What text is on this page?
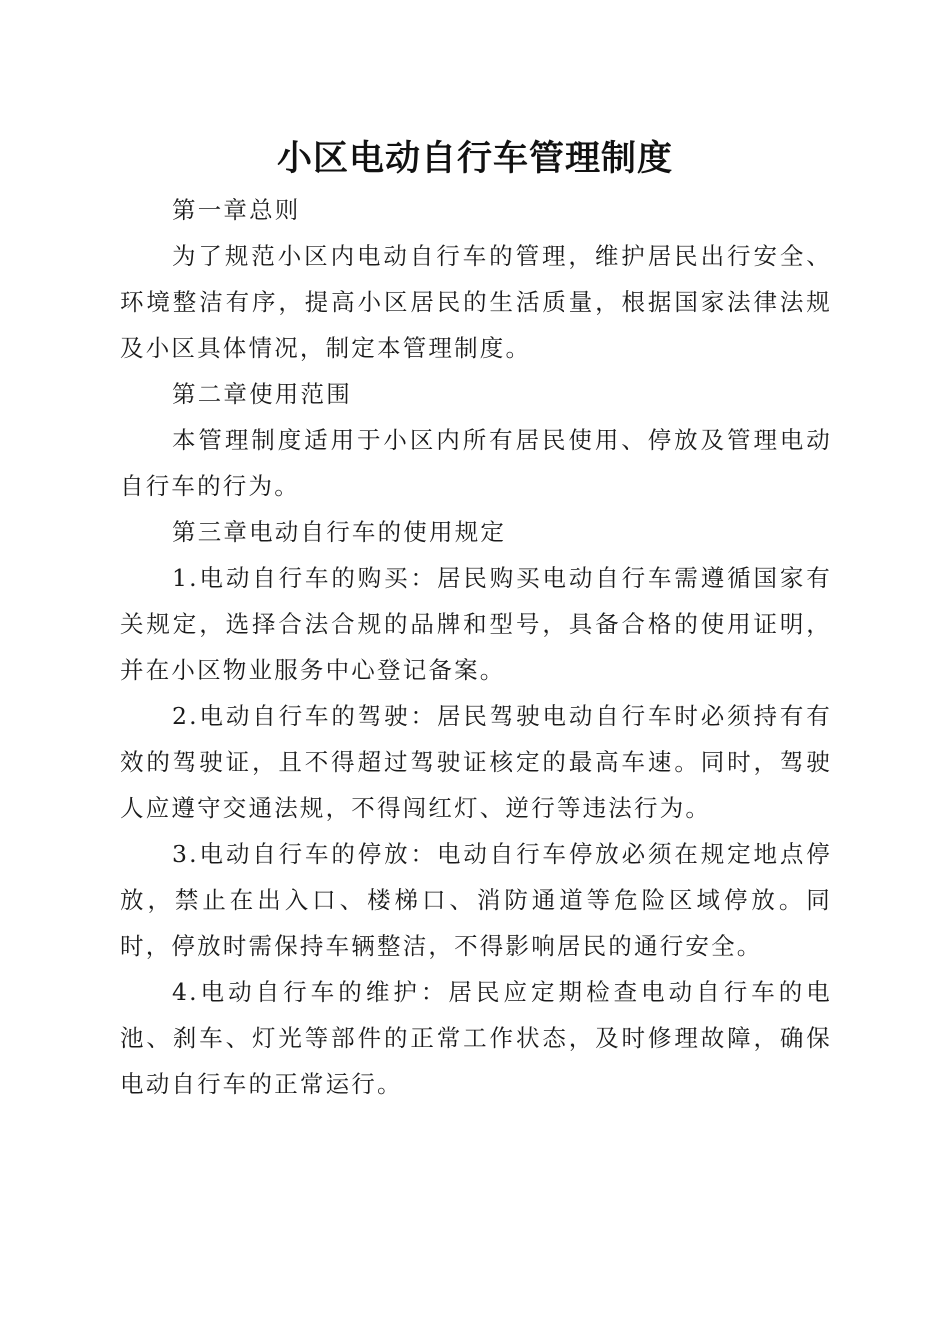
小区电动自行车管理制度

第一章总则

为了规范小区内电动自行车的管理，维护居民出行安全、环境整洁有序，提高小区居民的生活质量，根据国家法律法规及小区具体情况，制定本管理制度。

第二章使用范围

本管理制度适用于小区内所有居民使用、停放及管理电动自行车的行为。

第三章电动自行车的使用规定

1.电动自行车的购买：居民购买电动自行车需遵循国家有关规定，选择合法合规的品牌和型号，具备合格的使用证明，并在小区物业服务中心登记备案。

2.电动自行车的驾驶：居民驾驶电动自行车时必须持有有效的驾驶证，且不得超过驾驶证核定的最高车速。同时，驾驶人应遵守交通法规，不得闯红灯、逆行等违法行为。

3.电动自行车的停放：电动自行车停放必须在规定地点停放，禁止在出入口、楼梯口、消防通道等危险区域停放。同时，停放时需保持车辆整洁，不得影响居民的通行安全。

4.电动自行车的维护：居民应定期检查电动自行车的电池、刹车、灯光等部件的正常工作状态，及时修理故障，确保电动自行车的正常运行。
